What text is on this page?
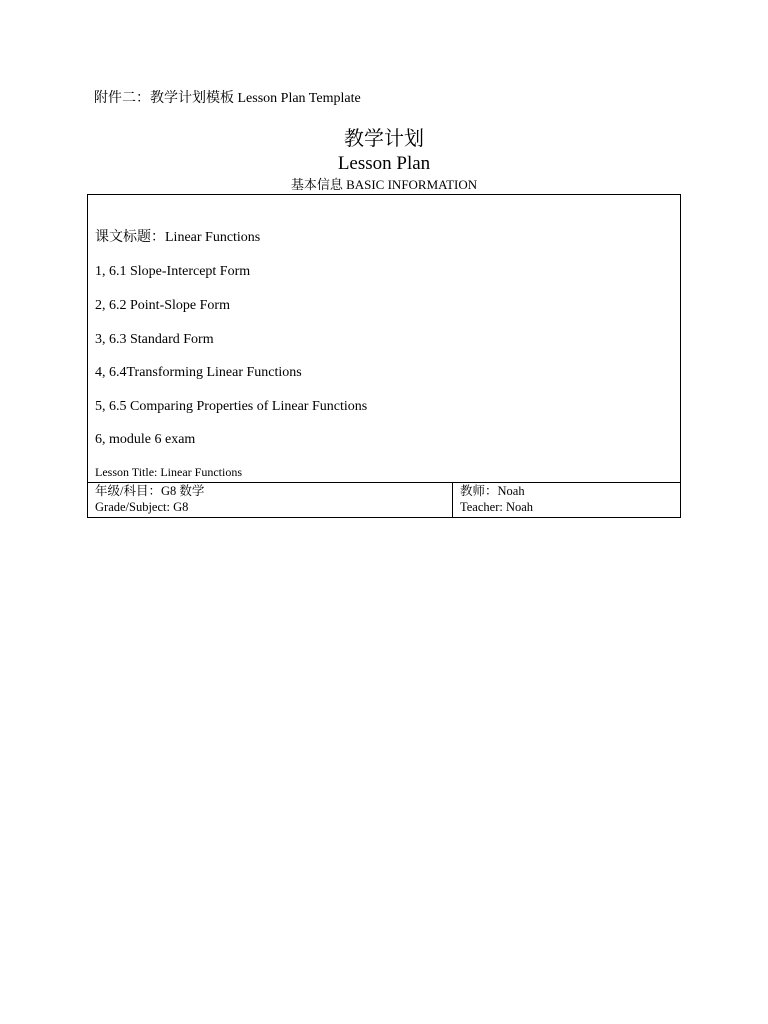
附件二：教学计划模板 Lesson Plan Template
教学计划
Lesson Plan
基本信息 BASIC INFORMATION
课文标题：Linear Functions
1, 6.1 Slope-Intercept Form
2, 6.2 Point-Slope Form
3, 6.3 Standard Form
4, 6.4Transforming Linear Functions
5, 6.5 Comparing Properties of Linear Functions
6, module 6 exam
Lesson Title: Linear Functions
年级/科目：G8 数学
Grade/Subject: G8
教师：Noah
Teacher: Noah
